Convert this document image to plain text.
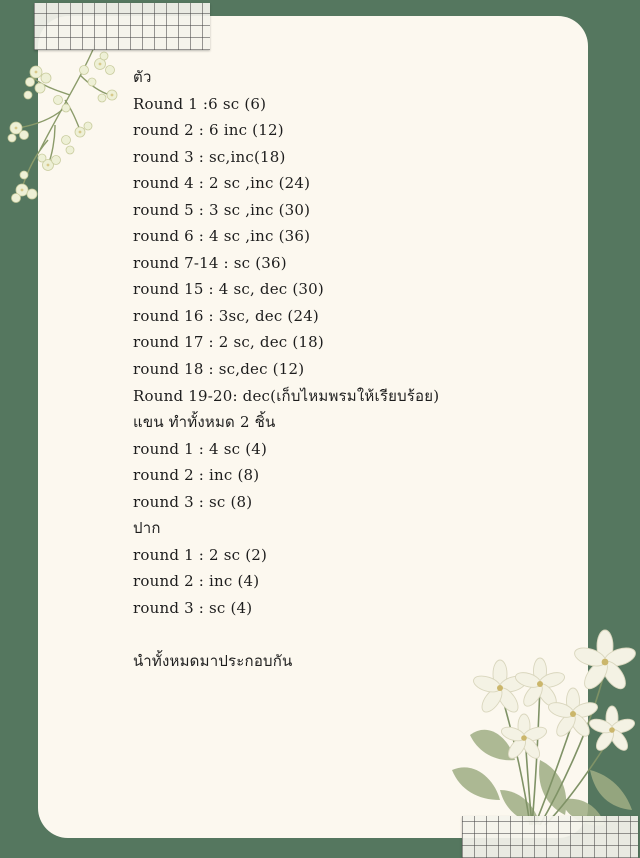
ตัว
Round 1 :6 sc (6)
round 2 : 6 inc (12)
round 3 : sc,inc(18)
round 4 : 2 sc ,inc (24)
round 5 : 3 sc ,inc (30)
round 6 : 4 sc ,inc (36)
round 7-14 : sc (36)
round 15 : 4 sc, dec (30)
round 16 : 3sc, dec (24)
round 17 : 2 sc, dec (18)
round 18 : sc,dec (12)
Round 19-20: dec(เก็บไหมพรมให้เรียบร้อย)
แขน ทำทั้งหมด 2 ชิ้น
round 1 : 4 sc (4)
round 2 : inc (8)
round 3 : sc (8)
ปาก
round 1 : 2 sc (2)
round 2 : inc (4)
round 3 : sc (4)
นำทั้งหมดมาประกอบกัน
